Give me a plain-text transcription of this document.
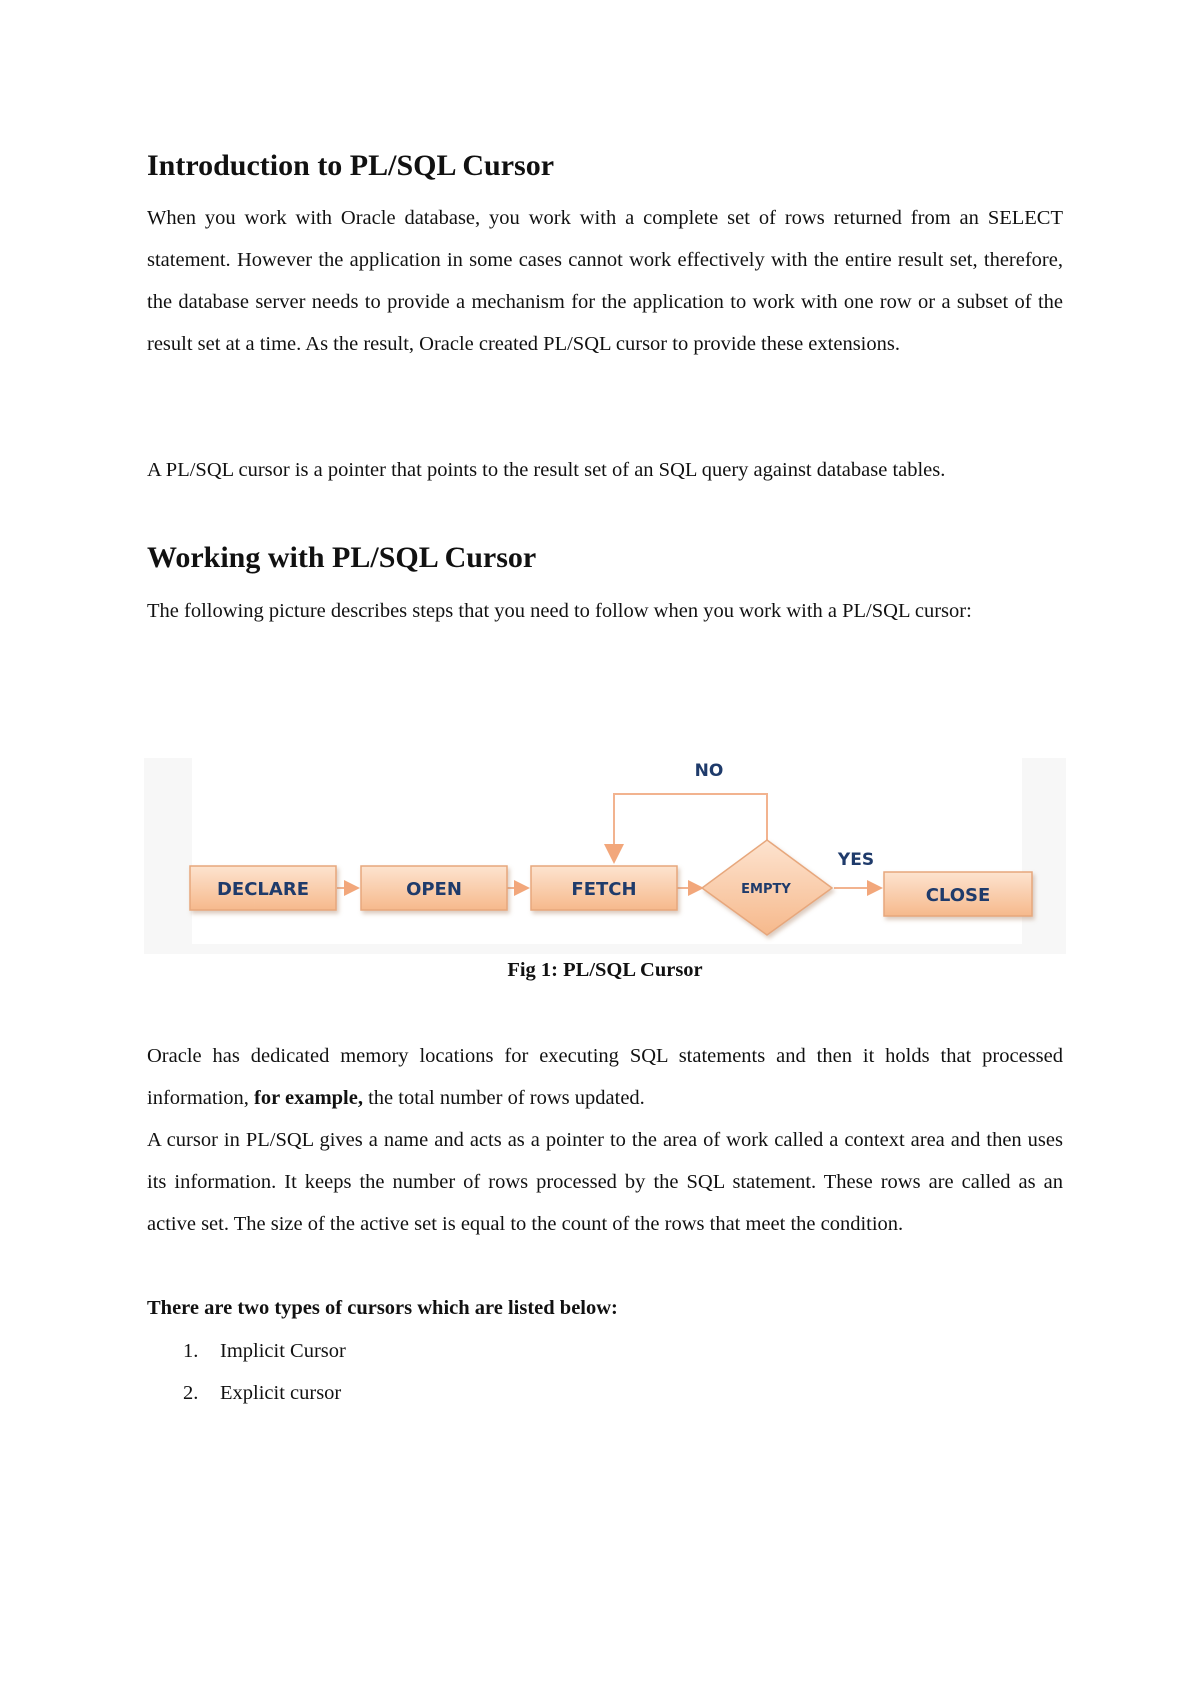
Introduction to PL/SQL Cursor

When you work with Oracle database, you work with a complete set of rows returned from an SELECT statement. However the application in some cases cannot work effectively with the entire result set, therefore, the database server needs to provide a mechanism for the application to work with one row or a subset of the result set at a time. As the result, Oracle created PL/SQL cursor to provide these extensions.

A PL/SQL cursor is a pointer that points to the result set of an SQL query against database tables.

Working with PL/SQL Cursor

The following picture describes steps that you need to follow when you work with a PL/SQL cursor:

DECLARE	OPEN	FETCH	EMPTY	CLOSE
NO
YES
Fig 1: PL/SQL Cursor

Oracle has dedicated memory locations for executing SQL statements and then it holds that processed information, for example, the total number of rows updated.

A cursor in PL/SQL gives a name and acts as a pointer to the area of work called a context area and then uses its information. It keeps the number of rows processed by the SQL statement. These rows are called as an active set. The size of the active set is equal to the count of the rows that meet the condition.

There are two types of cursors which are listed below:

1. Implicit Cursor
2. Explicit cursor
